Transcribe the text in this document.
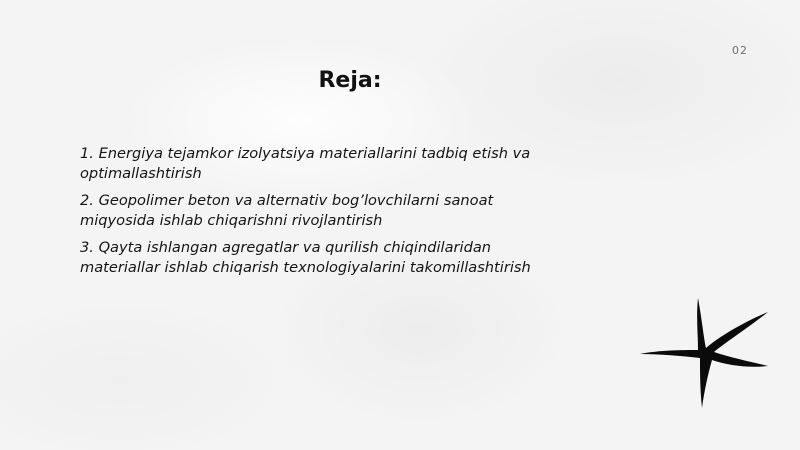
02
Reja:
1. Energiya tejamkor izolyatsiya materiallarini tadbiq etish va optimallashtirish
2. Geopolimer beton va alternativ bog’lovchilarni sanoat miqyosida ishlab chiqarishni rivojlantirish
3. Qayta ishlangan agregatlar va qurilish chiqindilaridan materiallar ishlab chiqarish texnologiyalarini takomillashtirish
